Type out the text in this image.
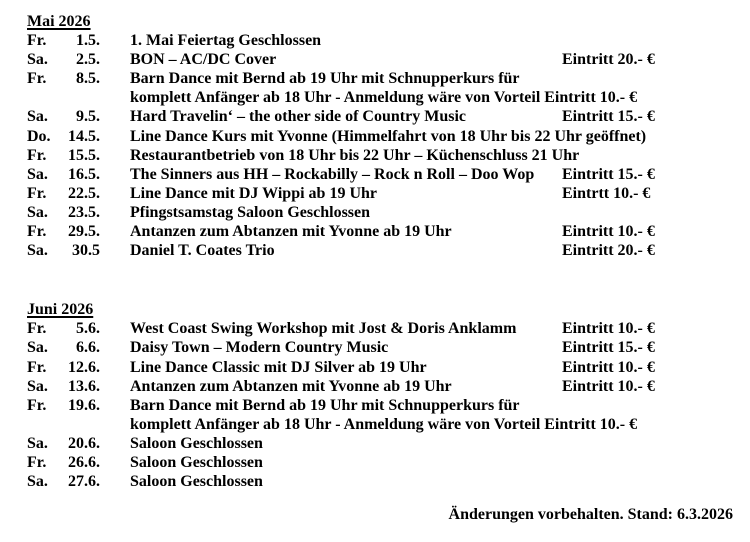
Mai 2026
Fr.	1.5. 1. Mai Feiertag Geschlossen
Sa.	2.5. BON – AC/DC Cover	Eintritt 20.- €
Fr.	8.5. Barn Dance mit Bernd ab 19 Uhr mit Schnupperkurs für
komplett Anfänger ab 18 Uhr - Anmeldung wäre von Vorteil Eintritt 10.- €
Sa.	9.5. Hard Travelin‘ – the other side of Country Music	Eintritt 15.- €
Do.	14.5. Line Dance Kurs mit Yvonne (Himmelfahrt von 18 Uhr bis 22 Uhr geöffnet)
Fr.	15.5. Restaurantbetrieb von 18 Uhr bis 22 Uhr – Küchenschluss 21 Uhr
Sa.	16.5. The Sinners aus HH – Rockabilly – Rock n Roll – Doo Wop	Eintritt 15.- €
Fr.	22.5. Line Dance mit DJ Wippi ab 19 Uhr	Eintrtt 10.- €
Sa.	23.5. Pfingstsamstag Saloon Geschlossen
Fr.	29.5. Antanzen zum Abtanzen mit Yvonne ab 19 Uhr	Eintritt 10.- €
Sa.	30.5 Daniel T. Coates Trio	Eintritt 20.- €
Juni 2026
Fr.	5.6. West Coast Swing Workshop mit Jost & Doris Anklamm	Eintritt 10.- €
Sa.	6.6. Daisy Town – Modern Country Music	Eintritt 15.- €
Fr.	12.6. Line Dance Classic mit DJ Silver ab 19 Uhr	Eintritt 10.- €
Sa.	13.6. Antanzen zum Abtanzen mit Yvonne ab 19 Uhr	Eintritt 10.- €
Fr.	19.6. Barn Dance mit Bernd ab 19 Uhr mit Schnupperkurs für
komplett Anfänger ab 18 Uhr - Anmeldung wäre von Vorteil Eintritt 10.- €
Sa.	20.6. Saloon Geschlossen
Fr.	26.6. Saloon Geschlossen
Sa.	27.6. Saloon Geschlossen
Änderungen vorbehalten. Stand: 6.3.2026
